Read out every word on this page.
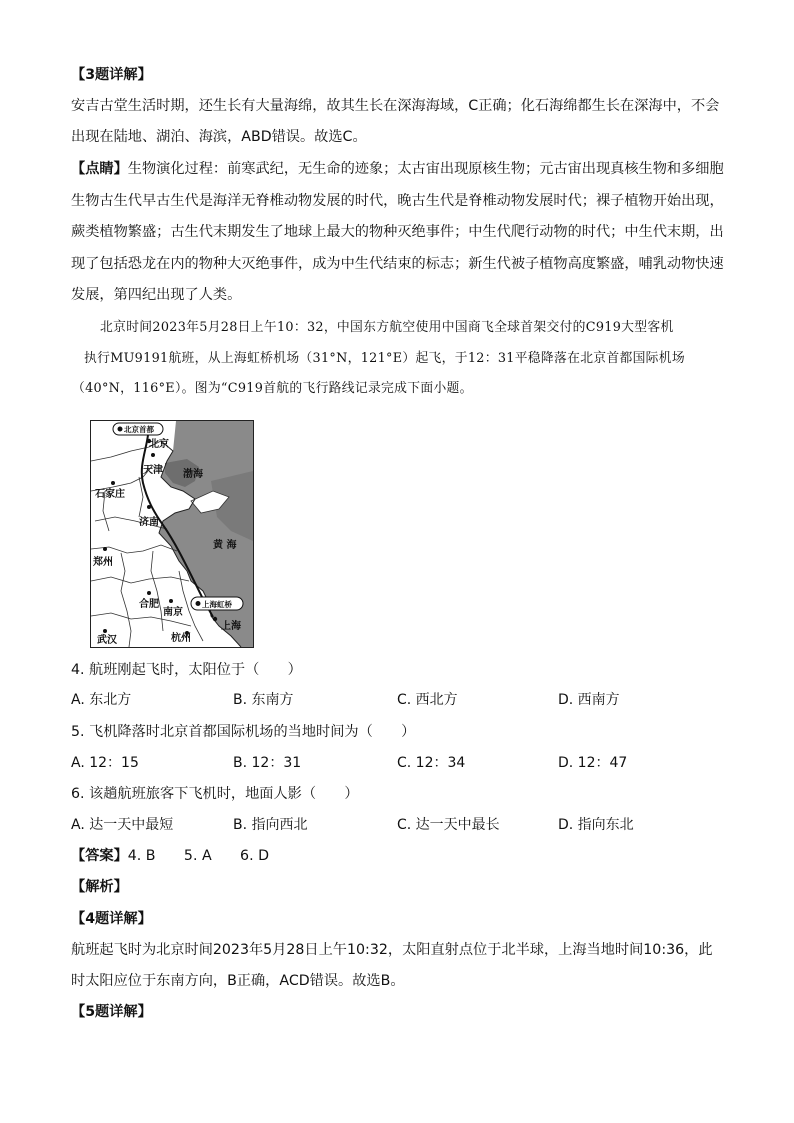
【3题详解】
安吉古堂生活时期，还生长有大量海绵，故其生长在深海海域，C正确；化石海绵都生长在深海中，不会
出现在陆地、湖泊、海滨，ABD错误。故选C。
【点睛】生物演化过程：前寒武纪，无生命的迹象；太古宙出现原核生物；元古宙出现真核生物和多细胞
生物古生代早古生代是海洋无脊椎动物发展的时代，晚古生代是脊椎动物发展时代；裸子植物开始出现，
蕨类植物繁盛；古生代末期发生了地球上最大的物种灭绝事件；中生代爬行动物的时代；中生代末期，出
现了包括恐龙在内的物种大灭绝事件，成为中生代结束的标志；新生代被子植物高度繁盛，哺乳动物快速
发展，第四纪出现了人类。
北京时间2023年5月28日上午10：32，中国东方航空使用中国商飞全球首架交付的C919大型客机
执行MU9191航班，从上海虹桥机场（31°N，121°E）起飞，于12：31平稳降落在北京首都国际机场
（40°N，116°E）。图为“C919首航的飞行路线记录完成下面小题。
北京首都
北京
天津 渤海
石家庄
济南
黄 海
郑州
合肥
南京
上海虹桥
上海
武汉	杭州
4. 航班刚起飞时，太阳位于（　　）
A. 东北方	B. 东南方	C. 西北方	D. 西南方
5. 飞机降落时北京首都国际机场的当地时间为（　　）
A. 12：15	B. 12：31	C. 12：34	D. 12：47
6. 该趟航班旅客下飞机时，地面人影（　　）
A. 达一天中最短	B. 指向西北	C. 达一天中最长	D. 指向东北
【答案】4. B　　5. A　　6. D
【解析】
【4题详解】
航班起飞时为北京时间2023年5月28日上午10:32，太阳直射点位于北半球，上海当地时间10:36，此
时太阳应位于东南方向，B正确，ACD错误。故选B。
【5题详解】
